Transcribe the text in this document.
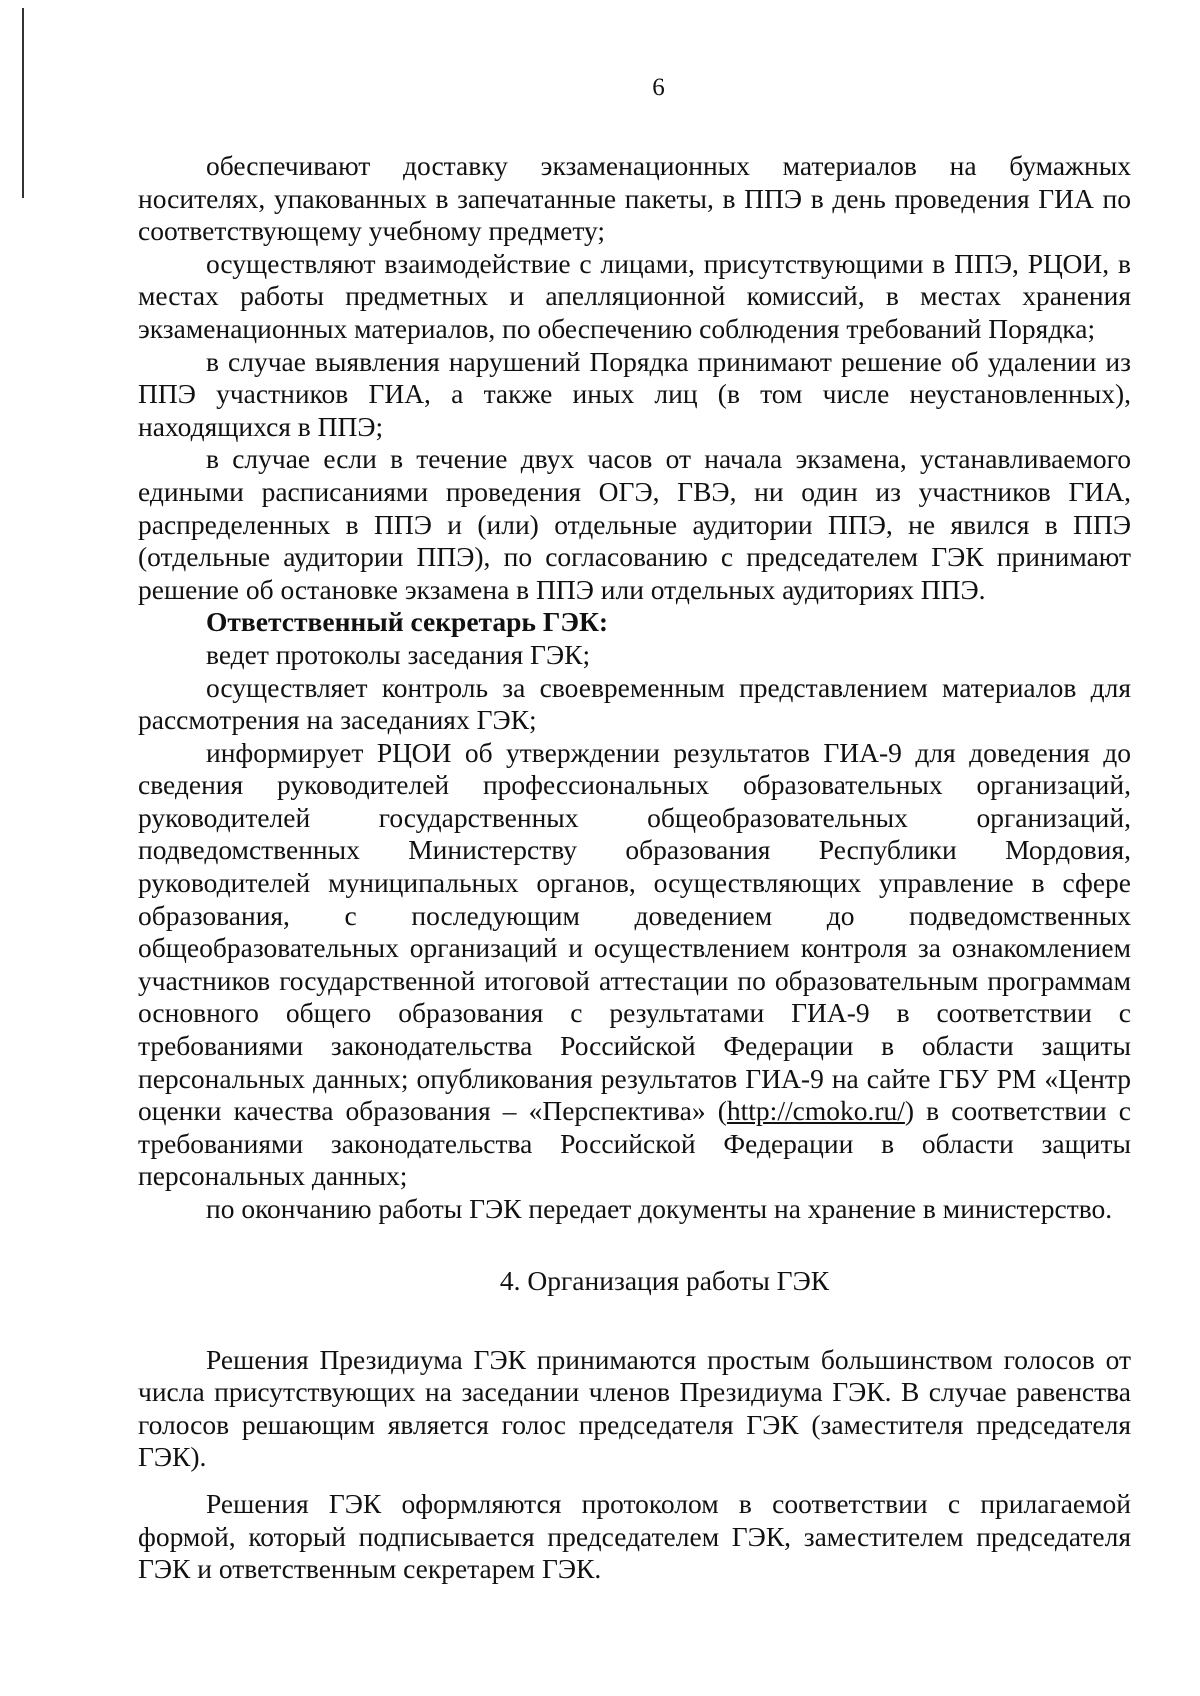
6

обеспечивают доставку экзаменационных материалов на бумажных носителях, упакованных в запечатанные пакеты, в ППЭ в день проведения ГИА по соответствующему учебному предмету;

осуществляют взаимодействие с лицами, присутствующими в ППЭ, РЦОИ, в местах работы предметных и апелляционной комиссий, в местах хранения экзаменационных материалов, по обеспечению соблюдения требований Порядка;

в случае выявления нарушений Порядка принимают решение об удалении из ППЭ участников ГИА, а также иных лиц (в том числе неустановленных), находящихся в ППЭ;

в случае если в течение двух часов от начала экзамена, устанавливаемого едиными расписаниями проведения ОГЭ, ГВЭ, ни один из участников ГИА, распределенных в ППЭ и (или) отдельные аудитории ППЭ, не явился в ППЭ (отдельные аудитории ППЭ), по согласованию с председателем ГЭК принимают решение об остановке экзамена в ППЭ или отдельных аудиториях ППЭ.

Ответственный секретарь ГЭК:

ведет протоколы заседания ГЭК;

осуществляет контроль за своевременным представлением материалов для рассмотрения на заседаниях ГЭК;

информирует РЦОИ об утверждении результатов ГИА-9 для доведения до сведения руководителей профессиональных образовательных организаций, руководителей государственных общеобразовательных организаций, подведомственных Министерству образования Республики Мордовия, руководителей муниципальных органов, осуществляющих управление в сфере образования, с последующим доведением до подведомственных общеобразовательных организаций и осуществлением контроля за ознакомлением участников государственной итоговой аттестации по образовательным программам основного общего образования с результатами ГИА-9 в соответствии с требованиями законодательства Российской Федерации в области защиты персональных данных; опубликования результатов ГИА-9 на сайте ГБУ РМ «Центр оценки качества образования – «Перспектива» (http://cmoko.ru/) в соответствии с требованиями законодательства Российской Федерации в области защиты персональных данных;

по окончанию работы ГЭК передает документы на хранение в министерство.

4. Организация работы ГЭК

Решения Президиума ГЭК принимаются простым большинством голосов от числа присутствующих на заседании членов Президиума ГЭК. В случае равенства голосов решающим является голос председателя ГЭК (заместителя председателя ГЭК).

Решения ГЭК оформляются протоколом в соответствии с прилагаемой формой, который подписывается председателем ГЭК, заместителем председателя ГЭК и ответственным секретарем ГЭК.
